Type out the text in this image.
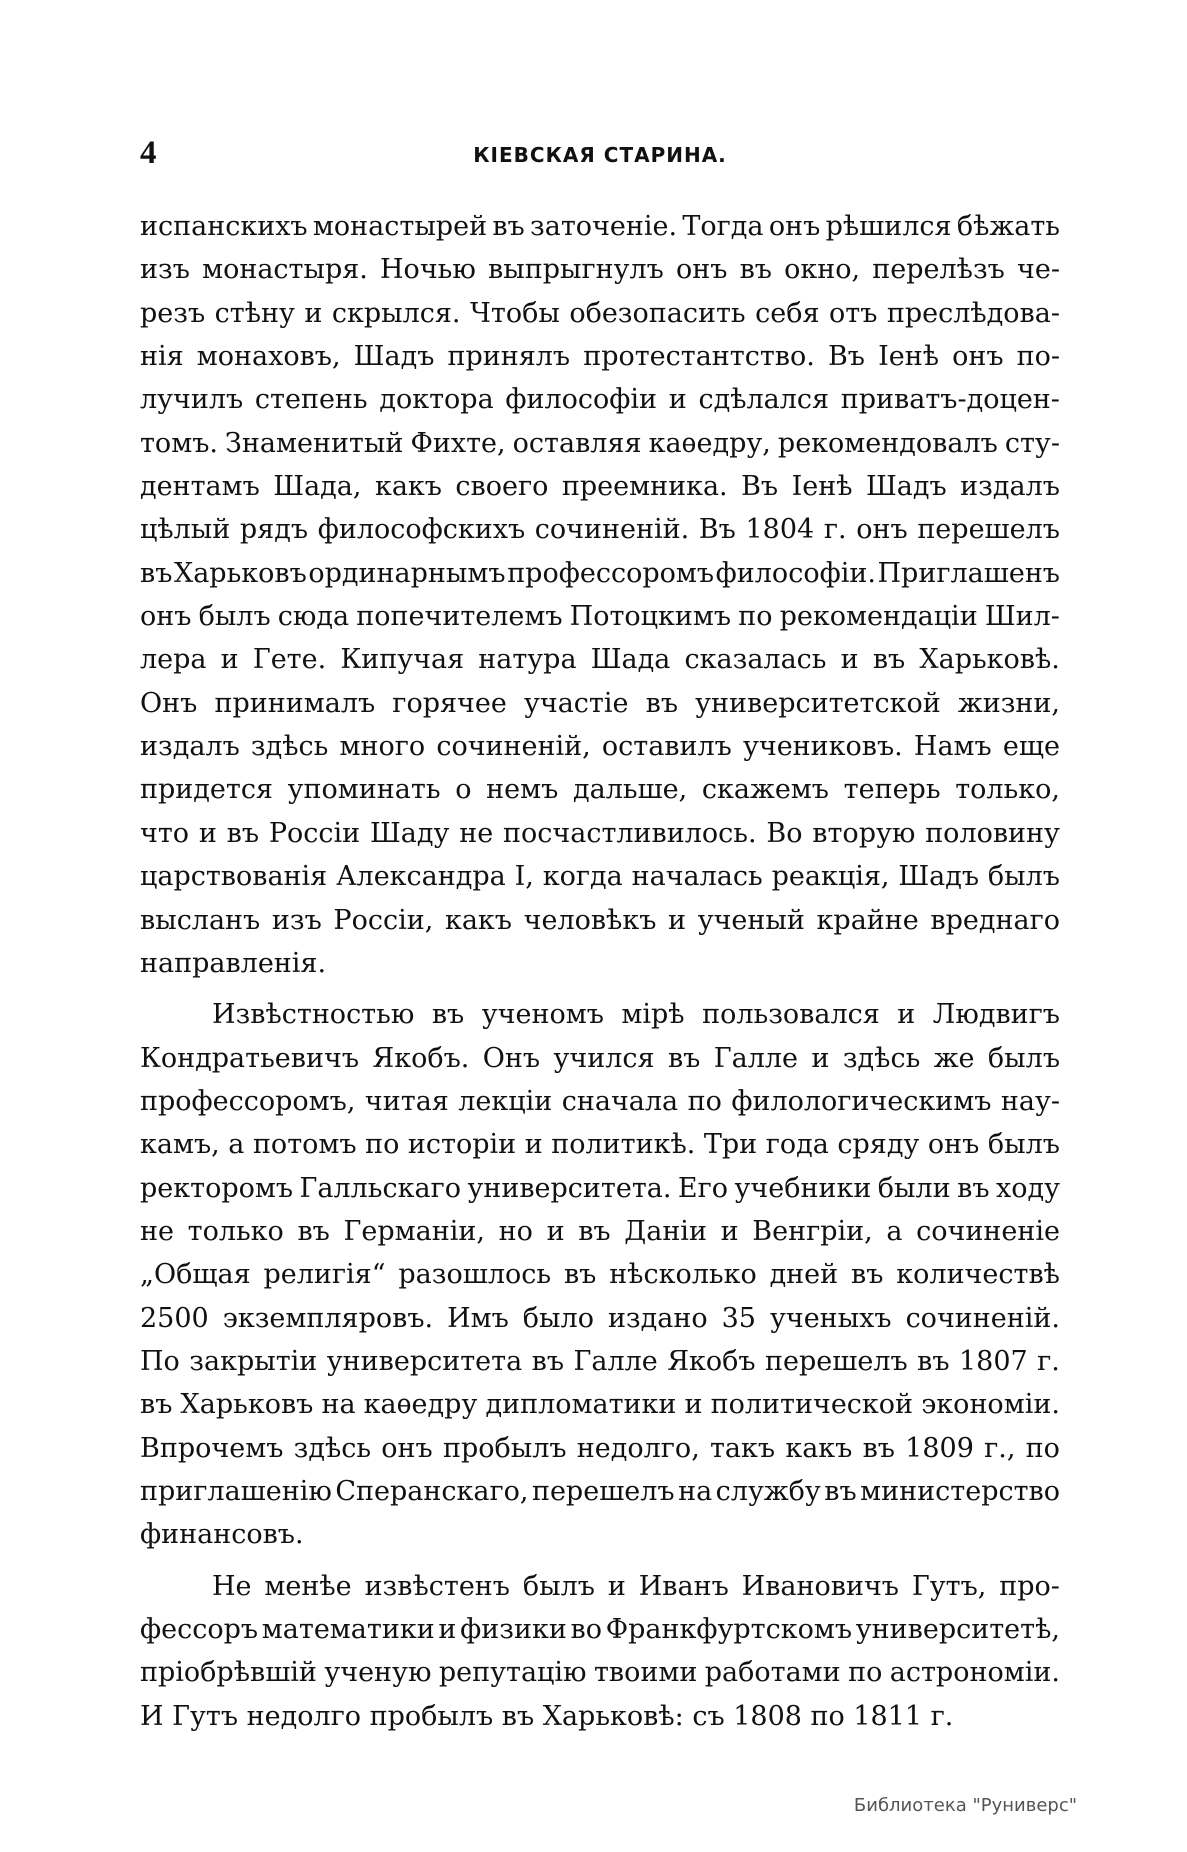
4	КІЕВСКАЯ СТАРИНА.
испанскихъ монастырей въ заточеніе. Тогда онъ рѣшился бѣжать
изъ монастыря. Ночью выпрыгнулъ онъ въ окно, перелѣзъ че-
резъ стѣну и скрылся. Чтобы обезопасить себя отъ преслѣдова-
нія монаховъ, Шадъ принялъ протестантство. Въ Іенѣ онъ по-
лучилъ степень доктора философіи и сдѣлался приватъ-доцен-
томъ. Знаменитый Фихте, оставляя каѳедру, рекомендовалъ сту-
дентамъ Шада, какъ своего преемника. Въ Іенѣ Шадъ издалъ
цѣлый рядъ философскихъ сочиненій. Въ 1804 г. онъ перешелъ
въ Харьковъ ординарнымъ профессоромъ философіи. Приглашенъ
онъ былъ сюда попечителемъ Потоцкимъ по рекомендаціи Шил-
лера и Гете. Кипучая натура Шада сказалась и въ Харьковѣ.
Онъ принималъ горячее участіе въ университетской жизни,
издалъ здѣсь много сочиненій, оставилъ учениковъ. Намъ еще
придется упоминать о немъ дальше, скажемъ теперь только,
что и въ Россіи Шаду не посчастливилось. Во вторую половину
царствованія Александра I, когда началась реакція, Шадъ былъ
высланъ изъ Россіи, какъ человѣкъ и ученый крайне вреднаго
направленія.
Извѣстностью въ ученомъ мірѣ пользовался и Людвигъ
Кондратьевичъ Якобъ. Онъ учился въ Галле и здѣсь же былъ
профессоромъ, читая лекціи сначала по филологическимъ нау-
камъ, а потомъ по исторіи и политикѣ. Три года сряду онъ былъ
ректоромъ Галльскаго университета. Его учебники были въ ходу
не только въ Германіи, но и въ Даніи и Венгріи, а сочиненіе
„Общая религія“ разошлось въ нѣсколько дней въ количествѣ
2500 экземпляровъ. Имъ было издано 35 ученыхъ сочиненій.
По закрытіи университета въ Галле Якобъ перешелъ въ 1807 г.
въ Харьковъ на каѳедру дипломатики и политической экономіи.
Впрочемъ здѣсь онъ пробылъ недолго, такъ какъ въ 1809 г., по
приглашенію Сперанскаго, перешелъ на службу въ министерство
финансовъ.
Не менѣе извѣстенъ былъ и Иванъ Ивановичъ Гутъ, про-
фессоръ математики и физики во Франкфуртскомъ университетѣ,
пріобрѣвшій ученую репутацію твоими работами по астрономіи.
И Гутъ недолго пробылъ въ Харьковѣ: съ 1808 по 1811 г.
Библиотека "Руниверс"
